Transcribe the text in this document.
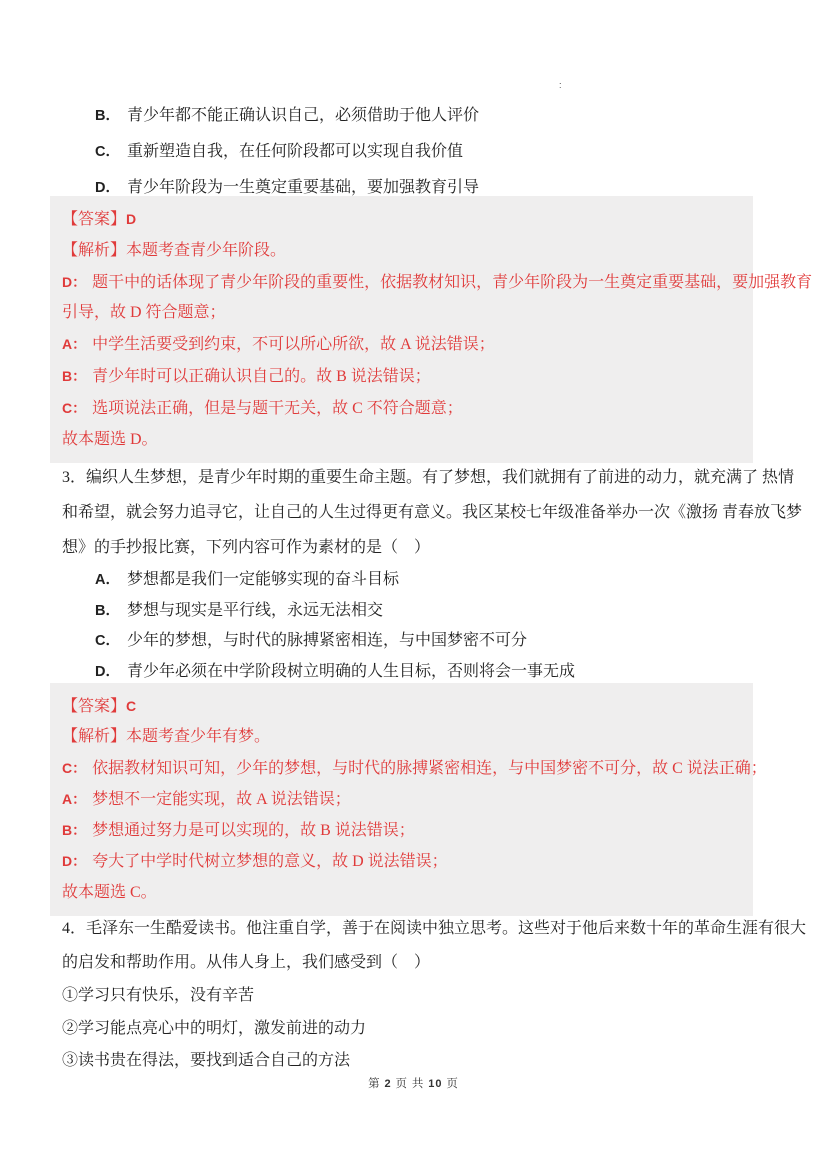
:
B． 青少年都不能正确认识自己，必须借助于他人评价
C． 重新塑造自我，在任何阶段都可以实现自我价值
D． 青少年阶段为一生奠定重要基础，要加强教育引导
【答案】D
【解析】本题考查青少年阶段。
D： 题干中的话体现了青少年阶段的重要性，依据教材知识，青少年阶段为一生奠定重要基础，要加强教育
引导，故 D 符合题意；
A： 中学生活要受到约束，不可以所心所欲，故 A 说法错误；
B： 青少年时可以正确认识自己的。故 B 说法错误；
C： 选项说法正确，但是与题干无关，故 C 不符合题意；
故本题选 D。
3．编织人生梦想，是青少年时期的重要生命主题。有了梦想，我们就拥有了前进的动力，就充满了 热情
和希望，就会努力追寻它，让自己的人生过得更有意义。我区某校七年级准备举办一次《激扬 青春放飞梦
想》的手抄报比赛，下列内容可作为素材的是（　）
A． 梦想都是我们一定能够实现的奋斗目标
B． 梦想与现实是平行线，永远无法相交
C． 少年的梦想，与时代的脉搏紧密相连，与中国梦密不可分
D． 青少年必须在中学阶段树立明确的人生目标，否则将会一事无成
【答案】C
【解析】本题考查少年有梦。
C： 依据教材知识可知，少年的梦想，与时代的脉搏紧密相连，与中国梦密不可分，故 C 说法正确；
A： 梦想不一定能实现，故 A 说法错误；
B： 梦想通过努力是可以实现的，故 B 说法错误；
D： 夸大了中学时代树立梦想的意义，故 D 说法错误；
故本题选 C。
4．毛泽东一生酷爱读书。他注重自学，善于在阅读中独立思考。这些对于他后来数十年的革命生涯有很大
的启发和帮助作用。从伟人身上，我们感受到（　）
①学习只有快乐，没有辛苦
②学习能点亮心中的明灯，激发前进的动力
③读书贵在得法，要找到适合自己的方法
第 2 页 共 10 页
